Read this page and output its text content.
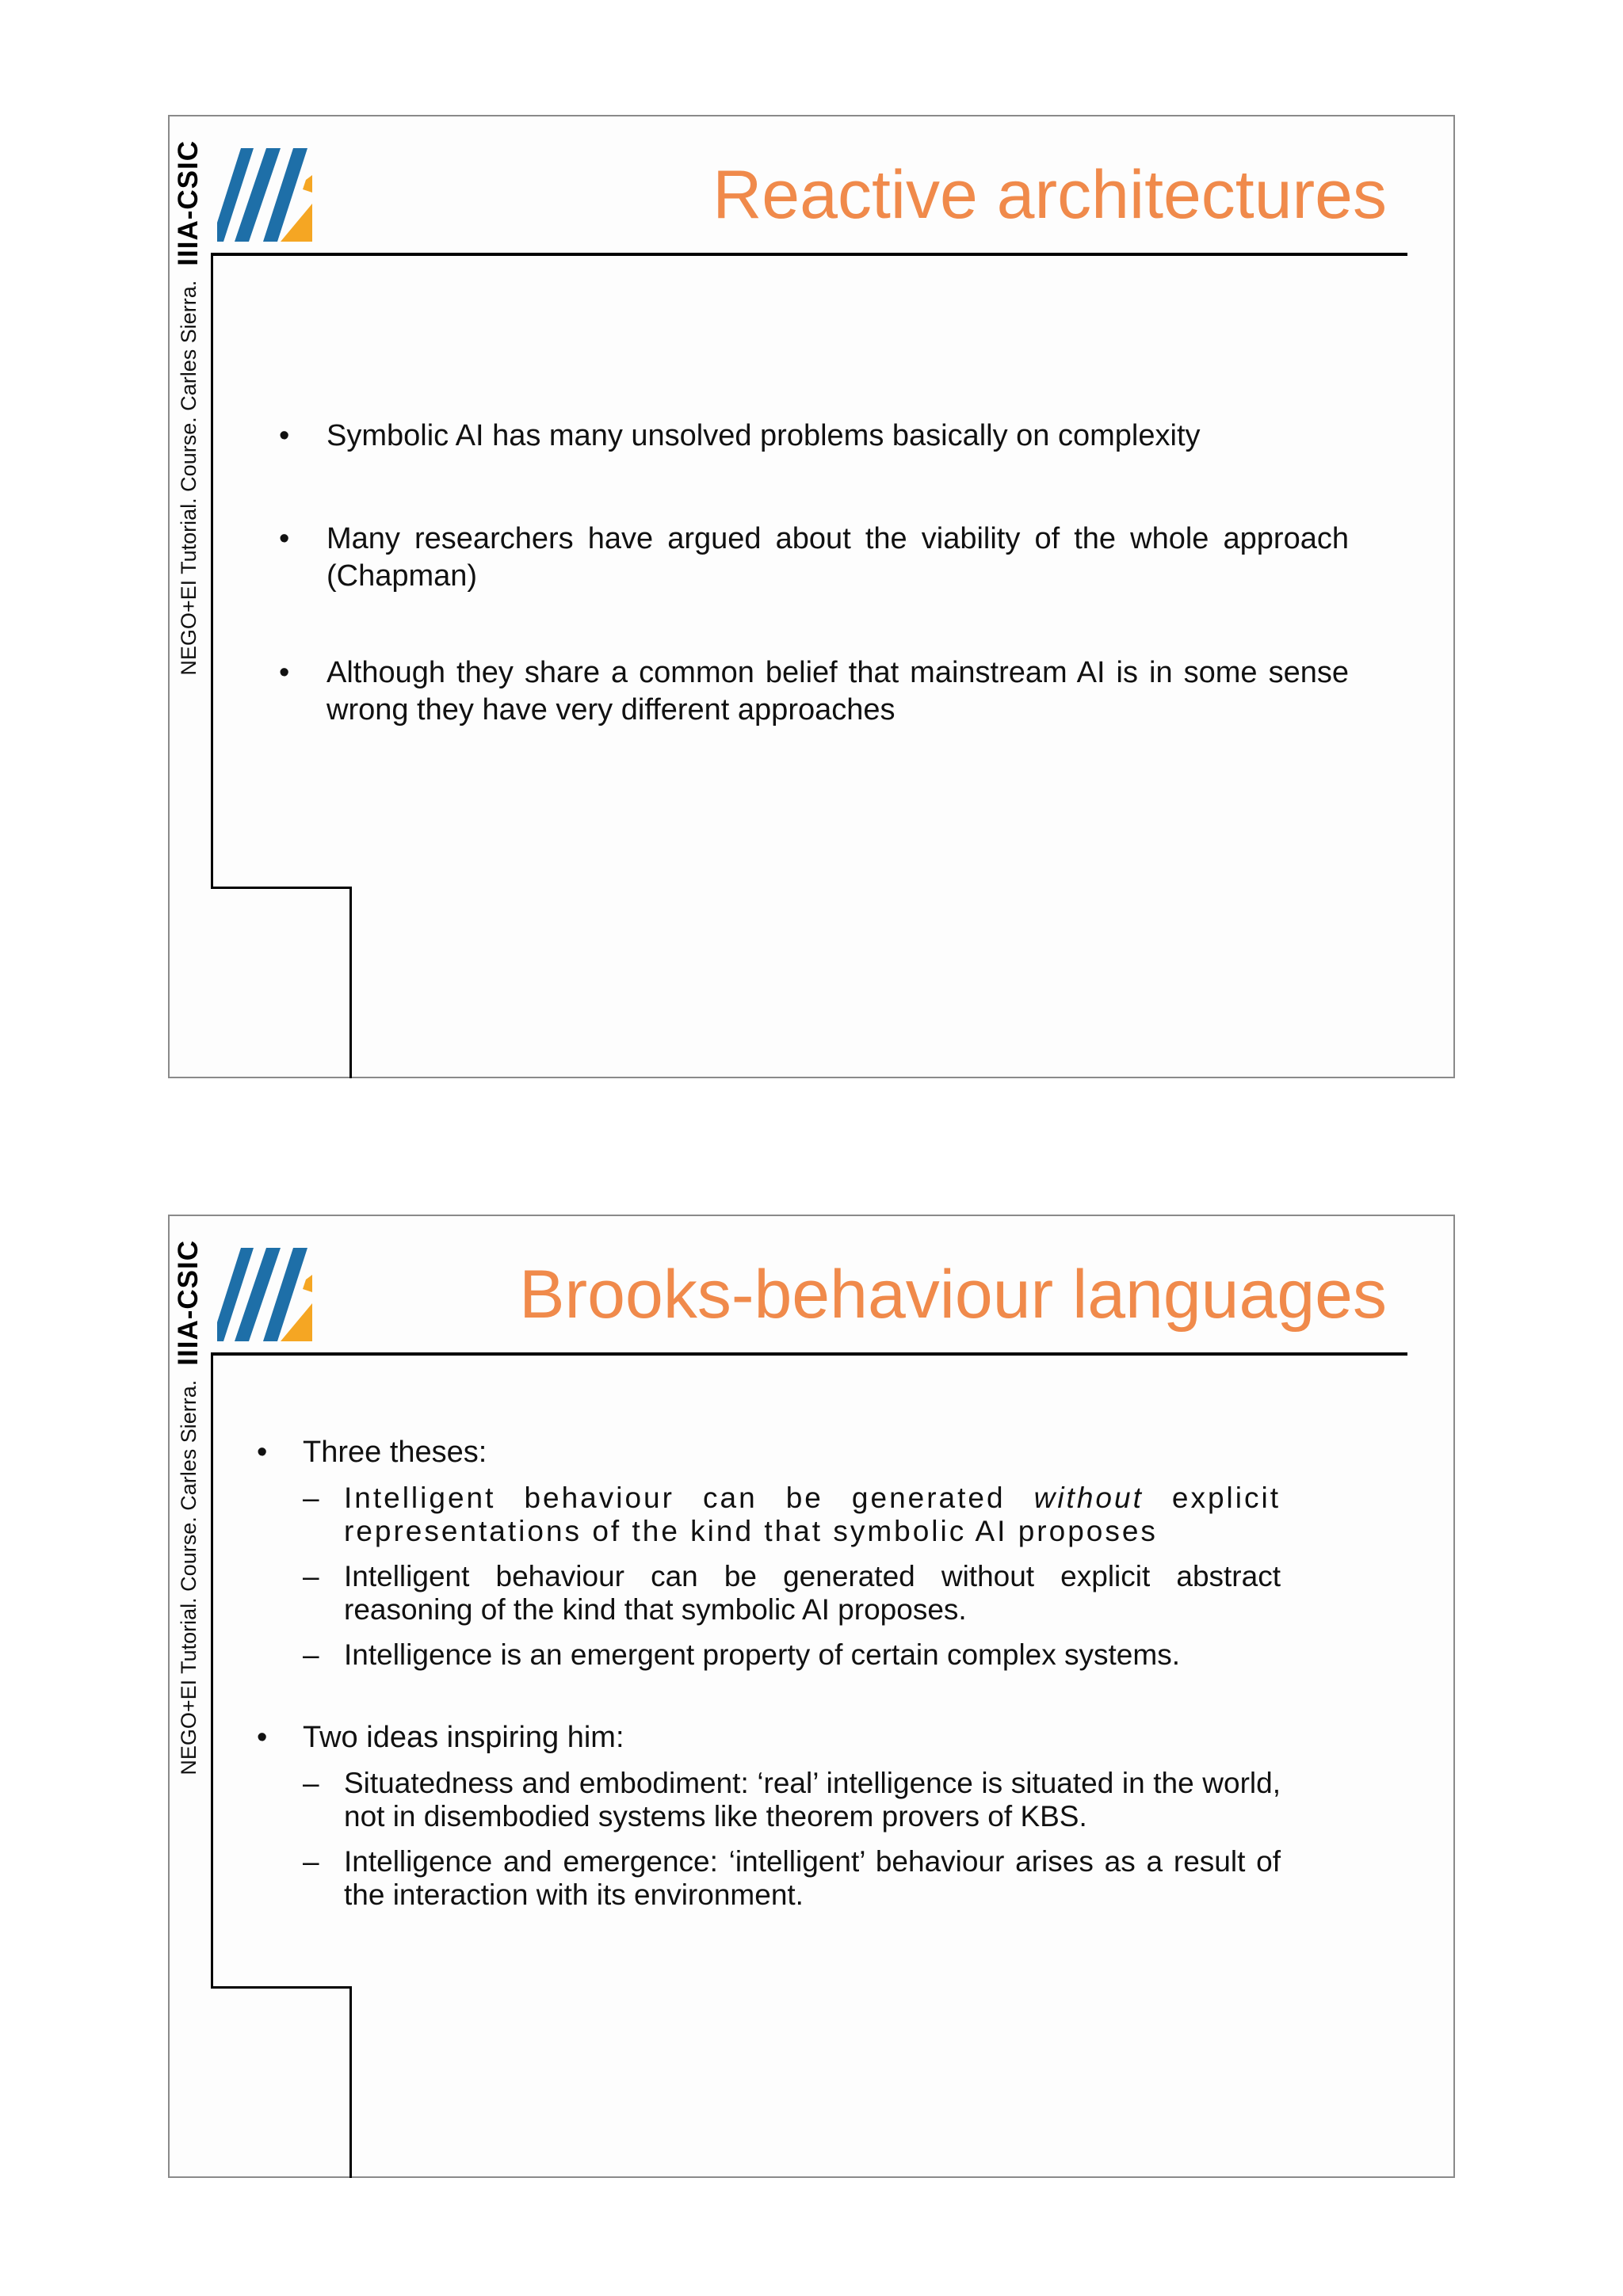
NEGO+EI Tutorial. Course. Carles Sierra.
IIIA-CSIC	Reactive architectures
• Symbolic AI has many unsolved problems basically on complexity
• Many researchers have argued about the viability of the whole approach (Chapman)
• Although they share a common belief that mainstream AI is in some sense wrong they have very different approaches
NEGO+EI Tutorial. Course. Carles Sierra.
IIIA-CSIC	Brooks-behaviour languages
• Three theses:
– Intelligent behaviour can be generated without explicit representations of the kind that symbolic AI proposes
– Intelligent behaviour can be generated without explicit abstract reasoning of the kind that symbolic AI proposes.
– Intelligence is an emergent property of certain complex systems.
• Two ideas inspiring him:
– Situatedness and embodiment: ‘real’ intelligence is situated in the world, not in disembodied systems like theorem provers of KBS.
– Intelligence and emergence: ‘intelligent’ behaviour arises as a result of the interaction with its environment.
